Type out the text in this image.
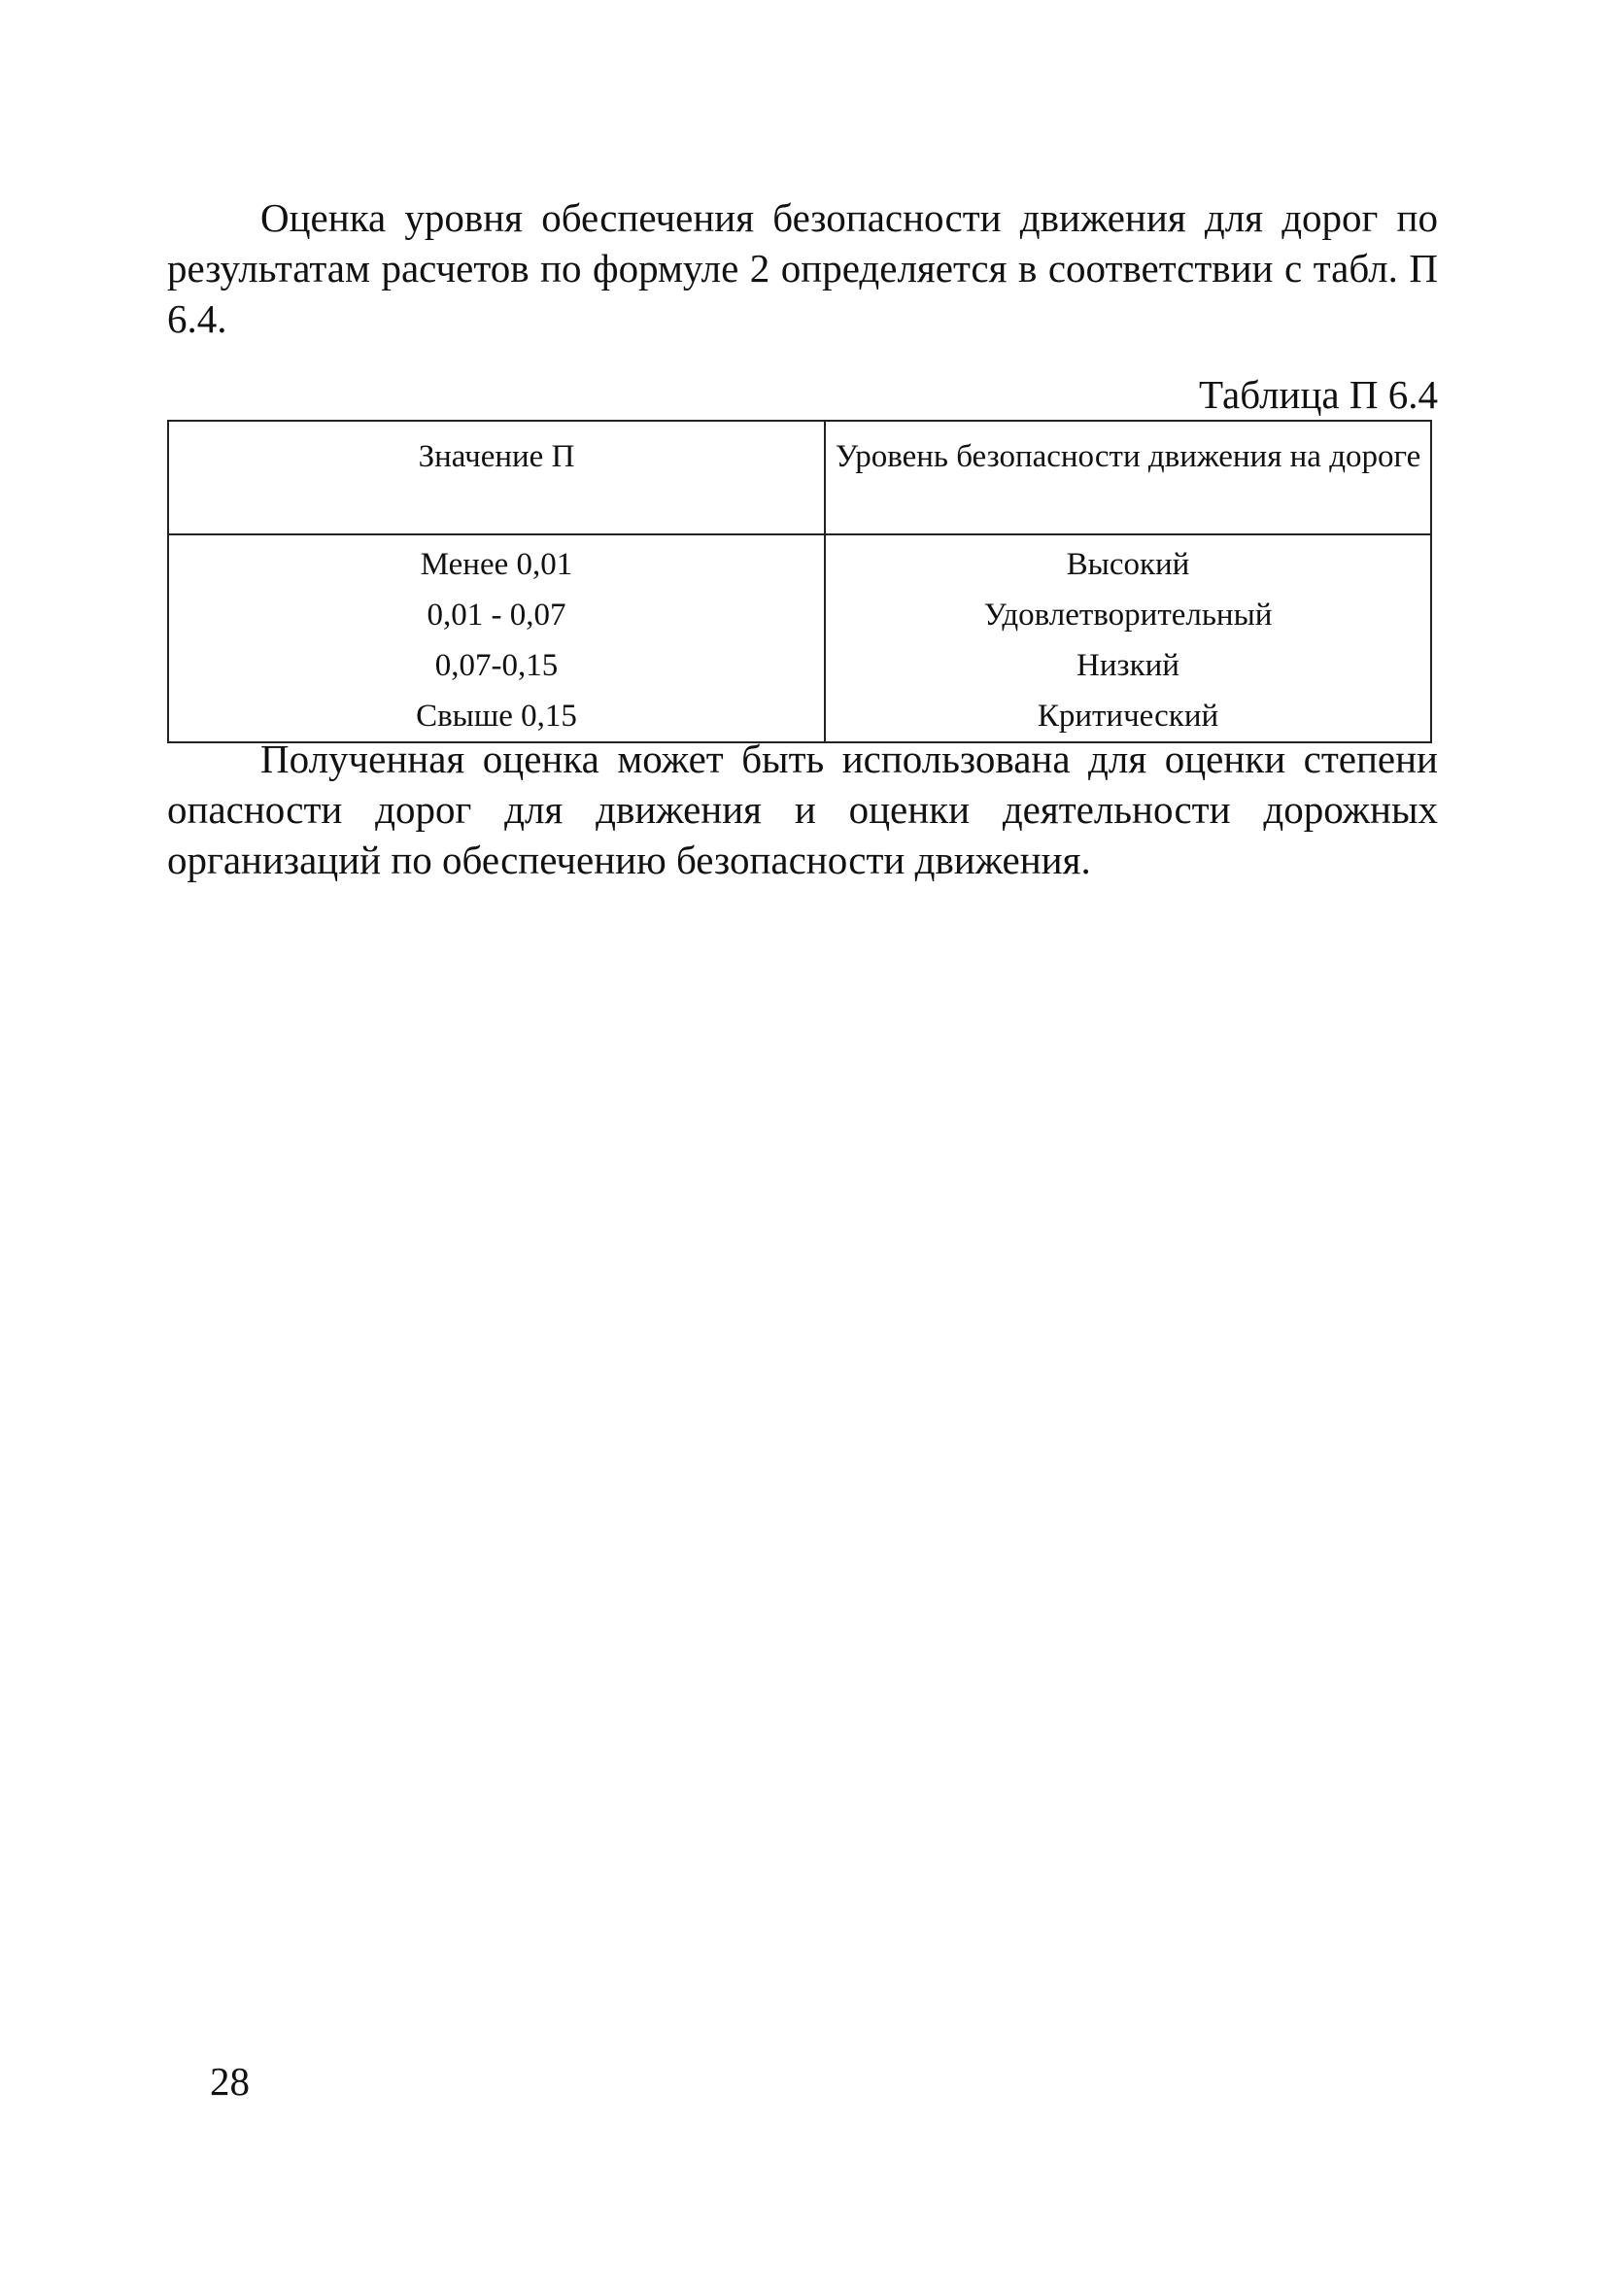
Оценка уровня обеспечения безопасности движения для дорог по результатам расчетов по формуле 2 определяется в соответствии с табл. П 6.4.

Таблица П 6.4
Значение П	Уровень безопасности движения на дороге
Менее 0,01	Высокий
0,01 - 0,07	Удовлетворительный
0,07-0,15	Низкий
Свыше 0,15	Критический

Полученная оценка может быть использована для оценки степени опасности дорог для движения и оценки деятельности дорожных организаций по обеспечению безопасности движения.

28
